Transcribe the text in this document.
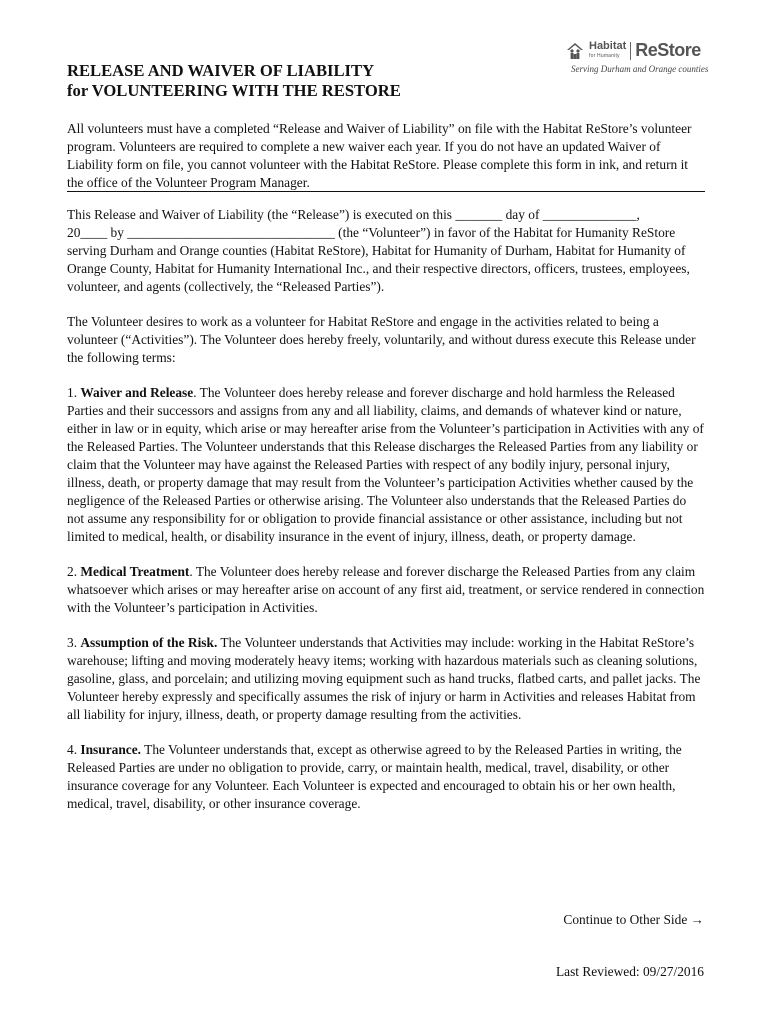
RELEASE AND WAIVER OF LIABILITY
for VOLUNTEERING WITH THE RESTORE
Habitat
for Humanity ReStore
Serving Durham and Orange counties
All volunteers must have a completed “Release and Waiver of Liability” on file with the Habitat ReStore’s volunteer program. Volunteers are required to complete a new waiver each year. If you do not have an updated Waiver of Liability form on file, you cannot volunteer with the Habitat ReStore. Please complete this form in ink, and return it the office of the Volunteer Program Manager.

This Release and Waiver of Liability (the “Release”) is executed on this _______ day of ______________,
20____ by _______________________________ (the “Volunteer”) in favor of the Habitat for Humanity ReStore serving Durham and Orange counties (Habitat ReStore), Habitat for Humanity of Durham, Habitat for Humanity of Orange County, Habitat for Humanity International Inc., and their respective directors, officers, trustees, employees, volunteer, and agents (collectively, the “Released Parties”).

The Volunteer desires to work as a volunteer for Habitat ReStore and engage in the activities related to being a volunteer (“Activities”). The Volunteer does hereby freely, voluntarily, and without duress execute this Release under the following terms:

1. Waiver and Release. The Volunteer does hereby release and forever discharge and hold harmless the Released Parties and their successors and assigns from any and all liability, claims, and demands of whatever kind or nature, either in law or in equity, which arise or may hereafter arise from the Volunteer’s participation in Activities with any of the Released Parties. The Volunteer understands that this Release discharges the Released Parties from any liability or claim that the Volunteer may have against the Released Parties with respect of any bodily injury, personal injury, illness, death, or property damage that may result from the Volunteer’s participation Activities whether caused by the negligence of the Released Parties or otherwise arising. The Volunteer also understands that the Released Parties do not assume any responsibility for or obligation to provide financial assistance or other assistance, including but not limited to medical, health, or disability insurance in the event of injury, illness, death, or property damage.

2. Medical Treatment. The Volunteer does hereby release and forever discharge the Released Parties from any claim whatsoever which arises or may hereafter arise on account of any first aid, treatment, or service rendered in connection with the Volunteer’s participation in Activities.

3. Assumption of the Risk. The Volunteer understands that Activities may include: working in the Habitat ReStore’s warehouse; lifting and moving moderately heavy items; working with hazardous materials such as cleaning solutions, gasoline, glass, and porcelain; and utilizing moving equipment such as hand trucks, flatbed carts, and pallet jacks. The Volunteer hereby expressly and specifically assumes the risk of injury or harm in Activities and releases Habitat from all liability for injury, illness, death, or property damage resulting from the activities.

4. Insurance. The Volunteer understands that, except as otherwise agreed to by the Released Parties in writing, the Released Parties are under no obligation to provide, carry, or maintain health, medical, travel, disability, or other insurance coverage for any Volunteer. Each Volunteer is expected and encouraged to obtain his or her own health, medical, travel, disability, or other insurance coverage.

Continue to Other Side →
Last Reviewed: 09/27/2016
